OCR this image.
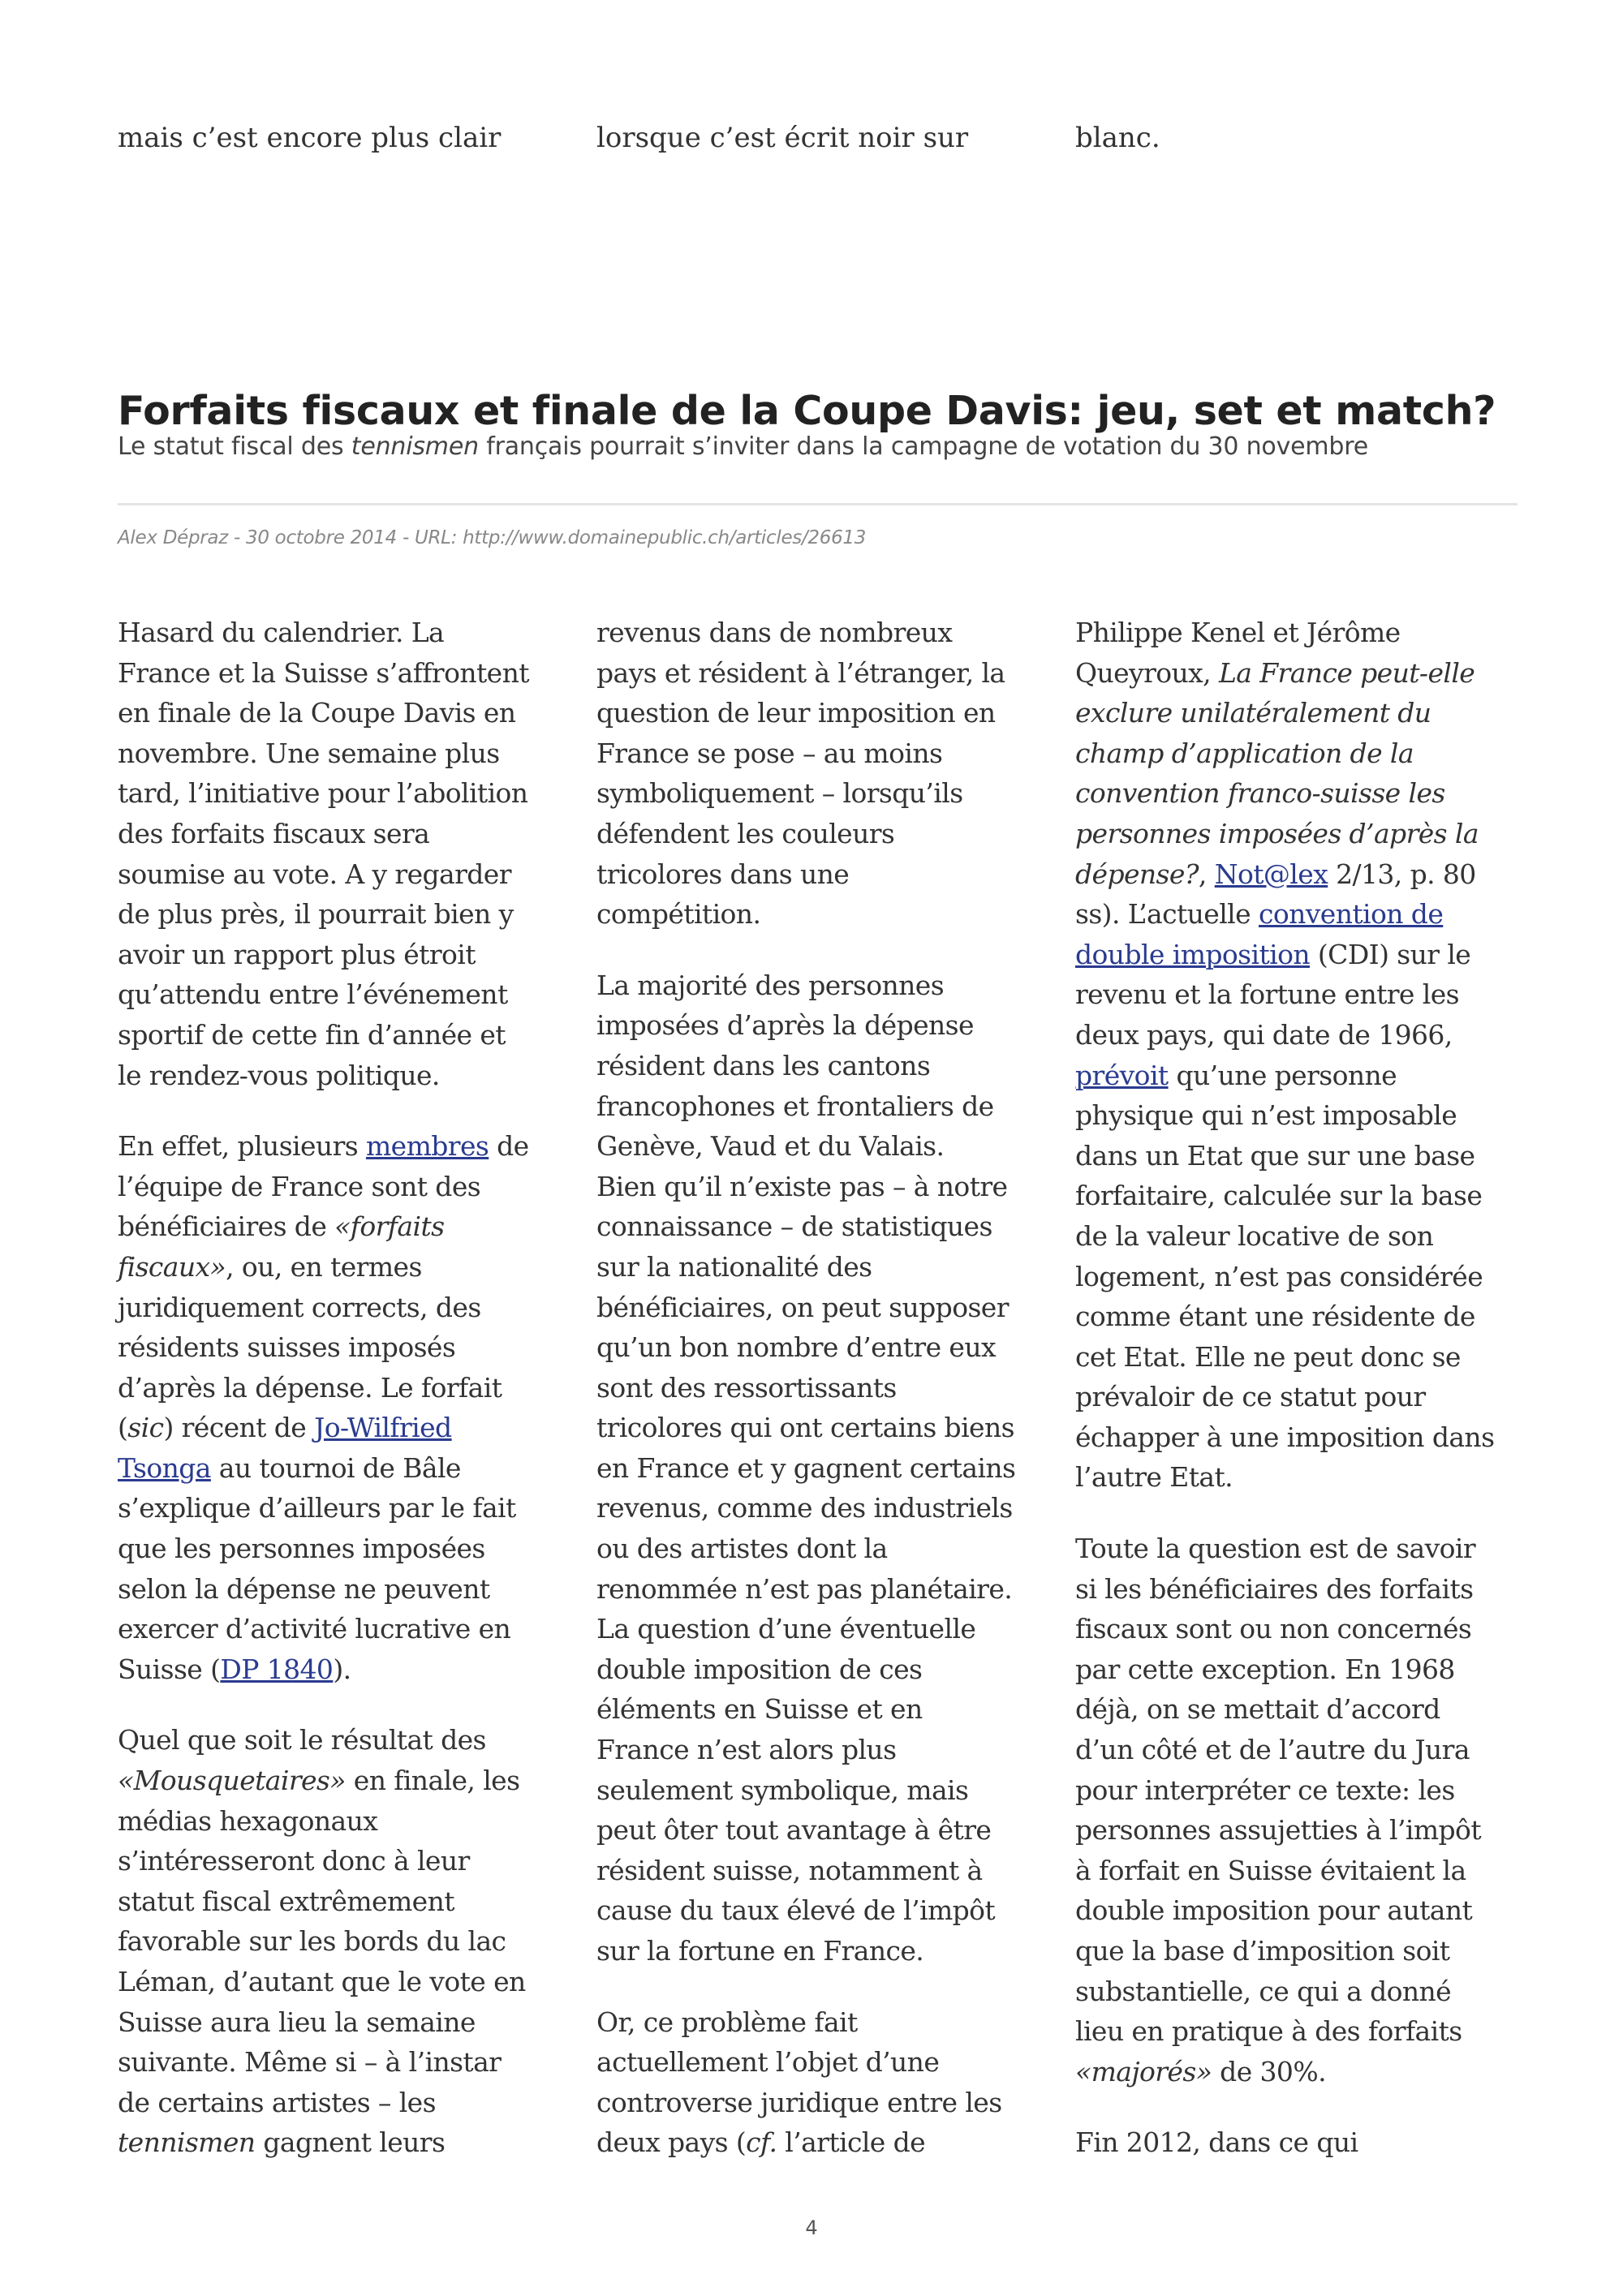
mais c’est encore plus clair	lorsque c’est écrit noir sur	blanc.
Forfaits fiscaux et finale de la Coupe Davis: jeu, set et match?
Le statut fiscal des tennismen français pourrait s’inviter dans la campagne de votation du 30 novembre
Alex Dépraz - 30 octobre 2014 - URL: http://www.domainepublic.ch/articles/26613

Hasard du calendrier. La
France et la Suisse s’affrontent
en finale de la Coupe Davis en
novembre. Une semaine plus
tard, l’initiative pour l’abolition
des forfaits fiscaux sera
soumise au vote. A y regarder
de plus près, il pourrait bien y
avoir un rapport plus étroit
qu’attendu entre l’événement
sportif de cette fin d’année et
le rendez-vous politique.

En effet, plusieurs membres de
l’équipe de France sont des
bénéficiaires de «forfaits
fiscaux», ou, en termes
juridiquement corrects, des
résidents suisses imposés
d’après la dépense. Le forfait
(sic) récent de Jo-Wilfried
Tsonga au tournoi de Bâle
s’explique d’ailleurs par le fait
que les personnes imposées
selon la dépense ne peuvent
exercer d’activité lucrative en
Suisse (DP 1840).

Quel que soit le résultat des
«Mousquetaires» en finale, les
médias hexagonaux
s’intéresseront donc à leur
statut fiscal extrêmement
favorable sur les bords du lac
Léman, d’autant que le vote en
Suisse aura lieu la semaine
suivante. Même si – à l’instar
de certains artistes – les
tennismen gagnent leurs

revenus dans de nombreux
pays et résident à l’étranger, la
question de leur imposition en
France se pose – au moins
symboliquement – lorsqu’ils
défendent les couleurs
tricolores dans une
compétition.

La majorité des personnes
imposées d’après la dépense
résident dans les cantons
francophones et frontaliers de
Genève, Vaud et du Valais.
Bien qu’il n’existe pas – à notre
connaissance – de statistiques
sur la nationalité des
bénéficiaires, on peut supposer
qu’un bon nombre d’entre eux
sont des ressortissants
tricolores qui ont certains biens
en France et y gagnent certains
revenus, comme des industriels
ou des artistes dont la
renommée n’est pas planétaire.
La question d’une éventuelle
double imposition de ces
éléments en Suisse et en
France n’est alors plus
seulement symbolique, mais
peut ôter tout avantage à être
résident suisse, notamment à
cause du taux élevé de l’impôt
sur la fortune en France.

Or, ce problème fait
actuellement l’objet d’une
controverse juridique entre les
deux pays (cf. l’article de

Philippe Kenel et Jérôme
Queyroux, La France peut-elle
exclure unilatéralement du
champ d’application de la
convention franco-suisse les
personnes imposées d’après la
dépense?, Not@lex 2/13, p. 80
ss). L’actuelle convention de
double imposition (CDI) sur le
revenu et la fortune entre les
deux pays, qui date de 1966,
prévoit qu’une personne
physique qui n’est imposable
dans un Etat que sur une base
forfaitaire, calculée sur la base
de la valeur locative de son
logement, n’est pas considérée
comme étant une résidente de
cet Etat. Elle ne peut donc se
prévaloir de ce statut pour
échapper à une imposition dans
l’autre Etat.

Toute la question est de savoir
si les bénéficiaires des forfaits
fiscaux sont ou non concernés
par cette exception. En 1968
déjà, on se mettait d’accord
d’un côté et de l’autre du Jura
pour interpréter ce texte: les
personnes assujetties à l’impôt
à forfait en Suisse évitaient la
double imposition pour autant
que la base d’imposition soit
substantielle, ce qui a donné
lieu en pratique à des forfaits
«majorés» de 30%.

Fin 2012, dans ce qui

4
